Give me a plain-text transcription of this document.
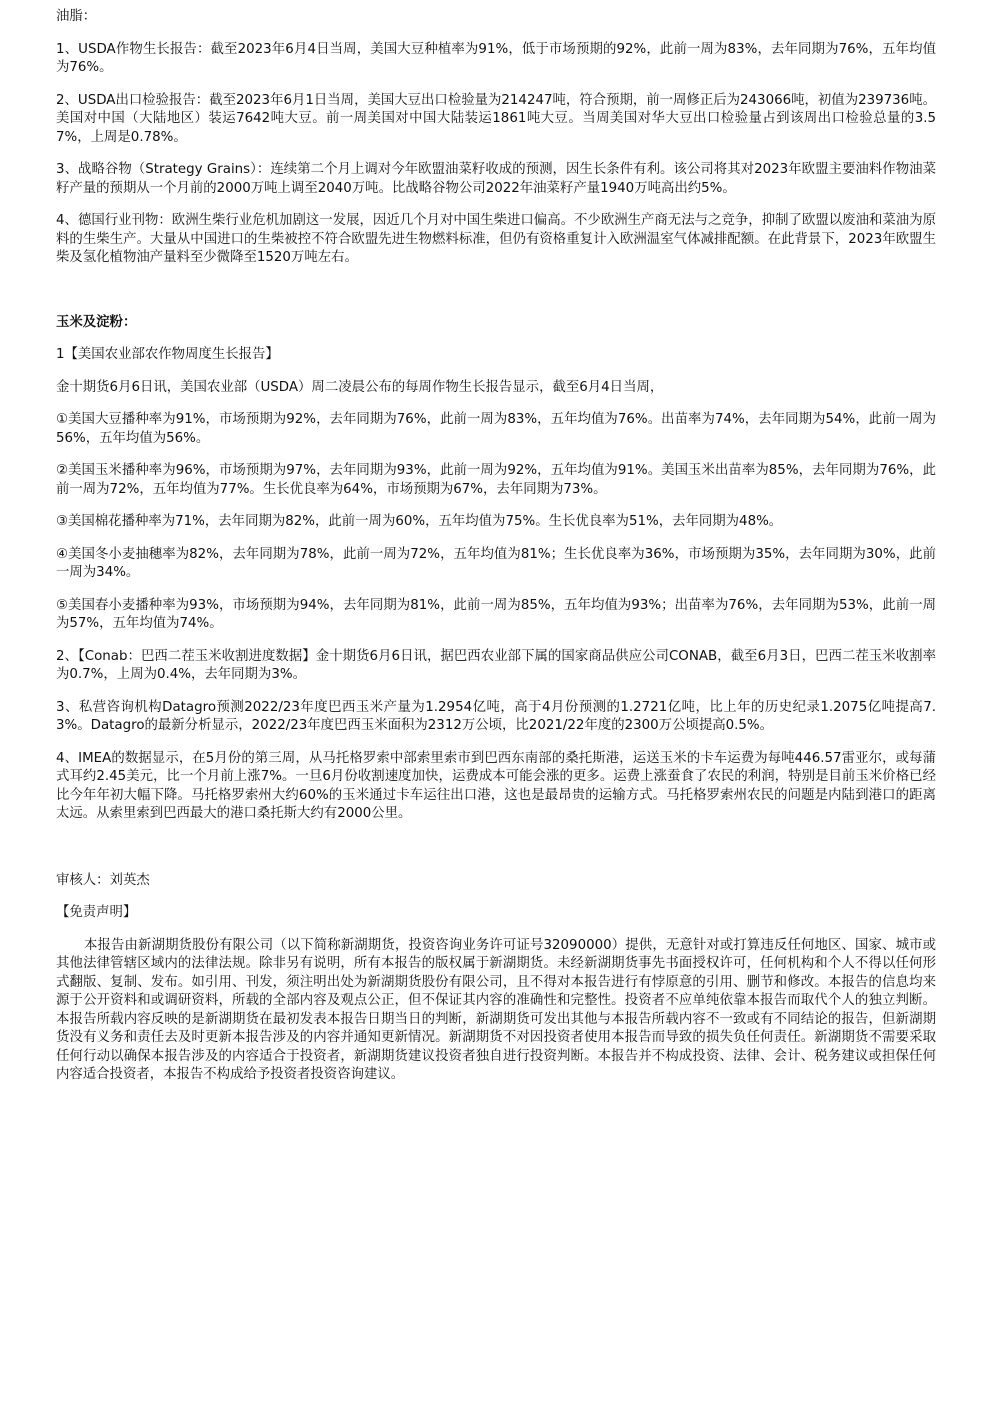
油脂：

1、USDA作物生长报告：截至2023年6月4日当周，美国大豆种植率为91%，低于市场预期的92%，此前一周为83%，去年同期为76%，五年均值为76%。

2、USDA出口检验报告：截至2023年6月1日当周，美国大豆出口检验量为214247吨，符合预期，前一周修正后为243066吨，初值为239736吨。美国对中国（大陆地区）装运7642吨大豆。前一周美国对中国大陆装运1861吨大豆。当周美国对华大豆出口检验量占到该周出口检验总量的3.57%，上周是0.78%。

3、战略谷物（Strategy Grains）：连续第二个月上调对今年欧盟油菜籽收成的预测，因生长条件有利。该公司将其对2023年欧盟主要油料作物油菜籽产量的预期从一个月前的2000万吨上调至2040万吨。比战略谷物公司2022年油菜籽产量1940万吨高出约5%。

4、德国行业刊物：欧洲生柴行业危机加剧这一发展，因近几个月对中国生柴进口偏高。不少欧洲生产商无法与之竞争，抑制了欧盟以废油和菜油为原料的生柴生产。大量从中国进口的生柴被控不符合欧盟先进生物燃料标准，但仍有资格重复计入欧洲温室气体减排配额。在此背景下，2023年欧盟生柴及氢化植物油产量料至少微降至1520万吨左右。

玉米及淀粉：

1【美国农业部农作物周度生长报告】

金十期货6月6日讯，美国农业部（USDA）周二凌晨公布的每周作物生长报告显示，截至6月4日当周，

①美国大豆播种率为91%，市场预期为92%，去年同期为76%，此前一周为83%，五年均值为76%。出苗率为74%，去年同期为54%，此前一周为56%，五年均值为56%。

②美国玉米播种率为96%，市场预期为97%，去年同期为93%，此前一周为92%，五年均值为91%。美国玉米出苗率为85%，去年同期为76%，此前一周为72%，五年均值为77%。生长优良率为64%，市场预期为67%，去年同期为73%。

③美国棉花播种率为71%，去年同期为82%，此前一周为60%，五年均值为75%。生长优良率为51%，去年同期为48%。

④美国冬小麦抽穗率为82%，去年同期为78%，此前一周为72%，五年均值为81%；生长优良率为36%，市场预期为35%，去年同期为30%，此前一周为34%。

⑤美国春小麦播种率为93%，市场预期为94%，去年同期为81%，此前一周为85%，五年均值为93%；出苗率为76%，去年同期为53%，此前一周为57%，五年均值为74%。

2、【Conab：巴西二茬玉米收割进度数据】金十期货6月6日讯，据巴西农业部下属的国家商品供应公司CONAB，截至6月3日，巴西二茬玉米收割率为0.7%，上周为0.4%，去年同期为3%。

3、私营咨询机构Datagro预测2022/23年度巴西玉米产量为1.2954亿吨，高于4月份预测的1.2721亿吨，比上年的历史纪录1.2075亿吨提高7.3%。Datagro的最新分析显示，2022/23年度巴西玉米面积为2312万公顷，比2021/22年度的2300万公顷提高0.5%。

4、IMEA的数据显示，在5月份的第三周，从马托格罗索中部索里索市到巴西东南部的桑托斯港，运送玉米的卡车运费为每吨446.57雷亚尔，或每蒲式耳约2.45美元，比一个月前上涨7%。一旦6月份收割速度加快，运费成本可能会涨的更多。运费上涨蚕食了农民的利润，特别是目前玉米价格已经比今年年初大幅下降。马托格罗索州大约60%的玉米通过卡车运往出口港，这也是最昂贵的运输方式。马托格罗索州农民的问题是内陆到港口的距离太远。从索里索到巴西最大的港口桑托斯大约有2000公里。

审核人：刘英杰

【免责声明】

本报告由新湖期货股份有限公司（以下简称新湖期货，投资咨询业务许可证号32090000）提供，无意针对或打算违反任何地区、国家、城市或其他法律管辖区域内的法律法规。除非另有说明，所有本报告的版权属于新湖期货。未经新湖期货事先书面授权许可，任何机构和个人不得以任何形式翻版、复制、发布。如引用、刊发，须注明出处为新湖期货股份有限公司，且不得对本报告进行有悖原意的引用、删节和修改。本报告的信息均来源于公开资料和或调研资料，所载的全部内容及观点公正，但不保证其内容的准确性和完整性。投资者不应单纯依靠本报告而取代个人的独立判断。本报告所载内容反映的是新湖期货在最初发表本报告日期当日的判断，新湖期货可发出其他与本报告所载内容不一致或有不同结论的报告，但新湖期货没有义务和责任去及时更新本报告涉及的内容并通知更新情况。新湖期货不对因投资者使用本报告而导致的损失负任何责任。新湖期货不需要采取任何行动以确保本报告涉及的内容适合于投资者，新湖期货建议投资者独自进行投资判断。本报告并不构成投资、法律、会计、税务建议或担保任何内容适合投资者，本报告不构成给予投资者投资咨询建议。
